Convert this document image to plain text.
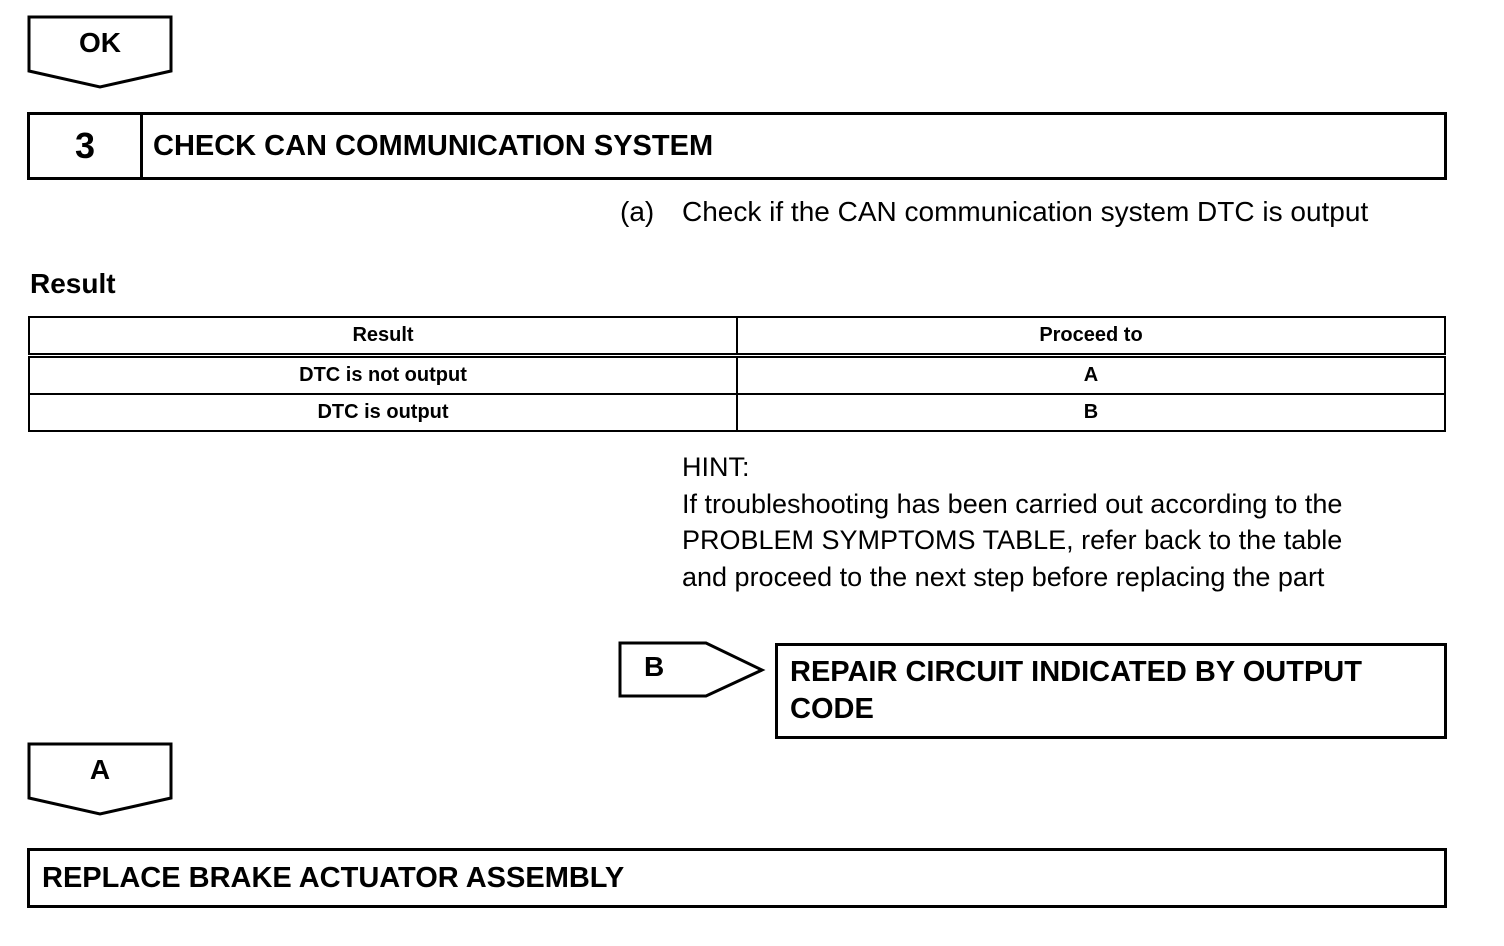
OK
3	CHECK CAN COMMUNICATION SYSTEM
(a) Check if the CAN communication system DTC is output
Result
Result	Proceed to
DTC is not output	A
DTC is output	B
HINT:
If troubleshooting has been carried out according to the
PROBLEM SYMPTOMS TABLE, refer back to the table
and proceed to the next step before replacing the part
B	REPAIR CIRCUIT INDICATED BY OUTPUT
CODE
A
REPLACE BRAKE ACTUATOR ASSEMBLY
